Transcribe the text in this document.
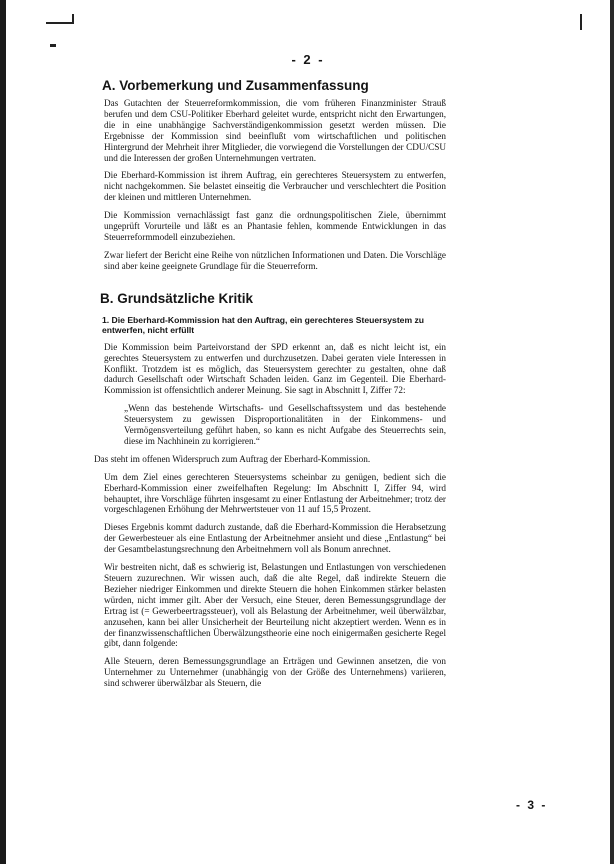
- 2 -
A. Vorbemerkung und Zusammenfassung

Das Gutachten der Steuerreformkommission, die vom früheren Finanzminister Strauß berufen und dem CSU-Politiker Eberhard geleitet wurde, entspricht nicht den Erwartungen, die in eine unabhängige Sachverständigenkommission gesetzt werden müssen. Die Ergebnisse der Kommission sind beeinflußt vom wirtschaftlichen und politischen Hintergrund der Mehrheit ihrer Mitglieder, die vorwiegend die Vorstellungen der CDU/CSU und die Interessen der großen Unternehmungen vertraten.

Die Eberhard-Kommission ist ihrem Auftrag, ein gerechteres Steuersystem zu entwerfen, nicht nachgekommen. Sie belastet einseitig die Verbraucher und verschlechtert die Position der kleinen und mittleren Unternehmen.

Die Kommission vernachlässigt fast ganz die ordnungspolitischen Ziele, übernimmt ungeprüft Vorurteile und läßt es an Phantasie fehlen, kommende Entwicklungen in das Steuerreformmodell einzubeziehen.

Zwar liefert der Bericht eine Reihe von nützlichen Informationen und Daten. Die Vorschläge sind aber keine geeignete Grundlage für die Steuerreform.

B. Grundsätzliche Kritik
1. Die Eberhard-Kommission hat den Auftrag, ein gerechteres Steuersystem zu entwerfen, nicht erfüllt

Die Kommission beim Parteivorstand der SPD erkennt an, daß es nicht leicht ist, ein gerechtes Steuersystem zu entwerfen und durchzusetzen. Dabei geraten viele Interessen in Konflikt. Trotzdem ist es möglich, das Steuersystem gerechter zu gestalten, ohne daß dadurch Gesellschaft oder Wirtschaft Schaden leiden. Ganz im Gegenteil. Die Eberhard-Kommission ist offensichtlich anderer Meinung. Sie sagt in Abschnitt I, Ziffer 72:

„Wenn das bestehende Wirtschafts- und Gesellschaftssystem und das bestehende Steuersystem zu gewissen Disproportionalitäten in der Einkommens- und Vermögensverteilung geführt haben, so kann es nicht Aufgabe des Steuerrechts sein, diese im Nachhinein zu korrigieren.“

Das steht im offenen Widerspruch zum Auftrag der Eberhard-Kommission.

Um dem Ziel eines gerechteren Steuersystems scheinbar zu genügen, bedient sich die Eberhard-Kommission einer zweifelhaften Regelung: Im Abschnitt I, Ziffer 94, wird behauptet, ihre Vorschläge führten insgesamt zu einer Entlastung der Arbeitnehmer; trotz der vorgeschlagenen Erhöhung der Mehrwertsteuer von 11 auf 15,5 Prozent.

Dieses Ergebnis kommt dadurch zustande, daß die Eberhard-Kommission die Herabsetzung der Gewerbesteuer als eine Entlastung der Arbeitnehmer ansieht und diese „Entlastung“ bei der Gesamtbelastungsrechnung den Arbeitnehmern voll als Bonum anrechnet.

Wir bestreiten nicht, daß es schwierig ist, Belastungen und Entlastungen von verschiedenen Steuern zuzurechnen. Wir wissen auch, daß die alte Regel, daß indirekte Steuern die Bezieher niedriger Einkommen und direkte Steuern die hohen Einkommen stärker belasten würden, nicht immer gilt. Aber der Versuch, eine Steuer, deren Bemessungsgrundlage der Ertrag ist (= Gewerbeertragssteuer), voll als Belastung der Arbeitnehmer, weil überwälzbar, anzusehen, kann bei aller Unsicherheit der Beurteilung nicht akzeptiert werden. Wenn es in der finanzwissenschaftlichen Überwälzungstheorie eine noch einigermaßen gesicherte Regel gibt, dann folgende:

Alle Steuern, deren Bemessungsgrundlage an Erträgen und Gewinnen ansetzen, die von Unternehmer zu Unternehmer (unabhängig von der Größe des Unternehmens) variieren, sind schwerer überwälzbar als Steuern, die

- 3 -
